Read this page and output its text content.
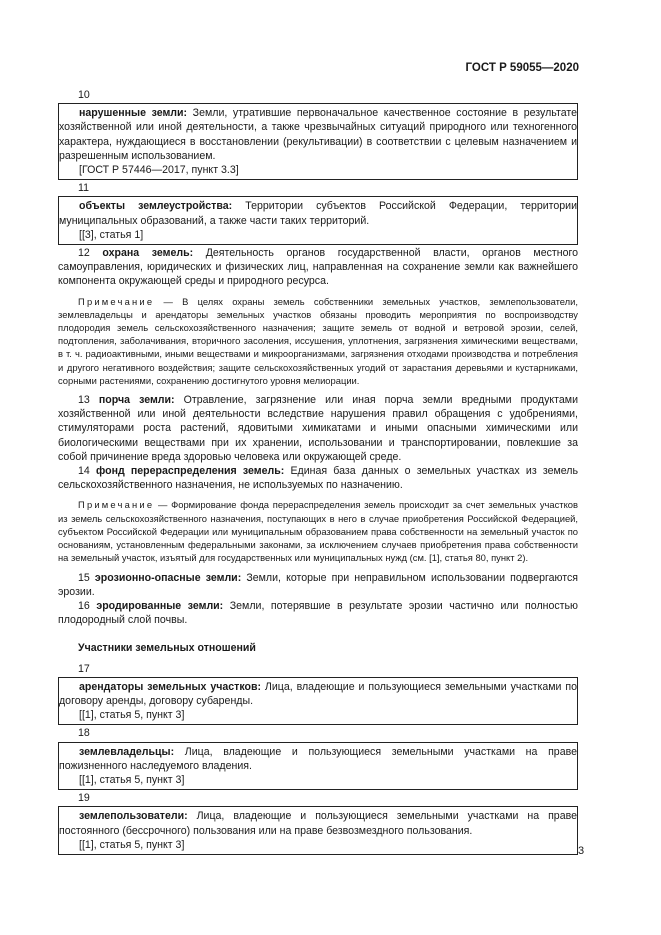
ГОСТ Р 59055—2020
10

нарушенные земли: Земли, утратившие первоначальное качественное состояние в результате хозяйственной или иной деятельности, а также чрезвычайных ситуаций природного или техногенного характера, нуждающиеся в восстановлении (рекультивации) в соответствии с целевым назначением и разрешенным использованием.

[ГОСТ Р 57446—2017, пункт 3.3]

11

объекты землеустройства: Территории субъектов Российской Федерации, территории муниципальных образований, а также части таких территорий.

[[3], статья 1]

12 охрана земель: Деятельность органов государственной власти, органов местного самоуправления, юридических и физических лиц, направленная на сохранение земли как важнейшего компонента окружающей среды и природного ресурса.

Примечание — В целях охраны земель собственники земельных участков, землепользователи, землевладельцы и арендаторы земельных участков обязаны проводить мероприятия по воспроизводству плодородия земель сельскохозяйственного назначения; защите земель от водной и ветровой эрозии, селей, подтопления, заболачивания, вторичного засоления, иссушения, уплотнения, загрязнения химическими веществами, в т. ч. радиоактивными, иными веществами и микроорганизмами, загрязнения отходами производства и потребления и другого негативного воздействия; защите сельскохозяйственных угодий от зарастания деревьями и кустарниками, сорными растениями, сохранению достигнутого уровня мелиорации.

13 порча земли: Отравление, загрязнение или иная порча земли вредными продуктами хозяйственной или иной деятельности вследствие нарушения правил обращения с удобрениями, стимуляторами роста растений, ядовитыми химикатами и иными опасными химическими или биологическими веществами при их хранении, использовании и транспортировании, повлекшие за собой причинение вреда здоровью человека или окружающей среде.

14 фонд перераспределения земель: Единая база данных о земельных участках из земель сельскохозяйственного назначения, не используемых по назначению.

Примечание — Формирование фонда перераспределения земель происходит за счет земельных участков из земель сельскохозяйственного назначения, поступающих в него в случае приобретения Российской Федерацией, субъектом Российской Федерации или муниципальным образованием права собственности на земельный участок по основаниям, установленным федеральными законами, за исключением случаев приобретения права собственности на земельный участок, изъятый для государственных или муниципальных нужд (см. [1], статья 80, пункт 2).

15 эрозионно-опасные земли: Земли, которые при неправильном использовании подвергаются эрозии.

16 эродированные земли: Земли, потерявшие в результате эрозии частично или полностью плодородный слой почвы.

Участники земельных отношений

17

арендаторы земельных участков: Лица, владеющие и пользующиеся земельными участками по договору аренды, договору субаренды.

[[1], статья 5, пункт 3]

18

землевладельцы: Лица, владеющие и пользующиеся земельными участками на праве пожизненного наследуемого владения.

[[1], статья 5, пункт 3]

19

землепользователи: Лица, владеющие и пользующиеся земельными участками на праве постоянного (бессрочного) пользования или на праве безвозмездного пользования.

[[1], статья 5, пункт 3]

3
